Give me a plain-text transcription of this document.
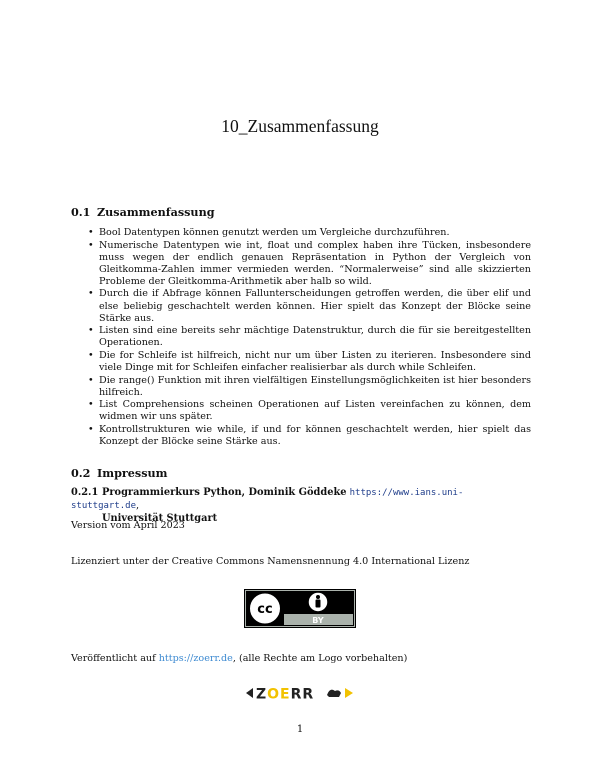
10_Zusammenfassung
0.1 Zusammenfassung
• Bool Datentypen können genutzt werden um Vergleiche durchzuführen.
• Numerische Datentypen wie int, float und complex haben ihre Tücken, insbesondere muss wegen der endlich genauen Repräsentation in Python der Vergleich von Gleitkomma-Zahlen immer vermieden werden. “Normalerweise” sind alle skizzierten Probleme der Gleitkomma-Arithmetik aber halb so wild.
• Durch die if Abfrage können Fallunterscheidungen getroffen werden, die über elif und else beliebig geschachtelt werden können. Hier spielt das Konzept der Blöcke seine Stärke aus.
• Listen sind eine bereits sehr mächtige Datenstruktur, durch die für sie bereitgestellten Operationen.
• Die for Schleife ist hilfreich, nicht nur um über Listen zu iterieren. Insbesondere sind viele Dinge mit for Schleifen einfacher realisierbar als durch while Schleifen.
• Die range() Funktion mit ihren vielfältigen Einstellungsmöglichkeiten ist hier besonders hilfreich.
• List Comprehensions scheinen Operationen auf Listen vereinfachen zu können, dem widmen wir uns später.
• Kontrollstrukturen wie while, if und for können geschachtelt werden, hier spielt das Konzept der Blöcke seine Stärke aus.
0.2 Impressum
0.2.1 Programmierkurs Python, Dominik Göddeke https://www.ians.uni-stuttgart.de,
Universität Stuttgart
Version vom April 2023
Lizenziert unter der Creative Commons Namensnennung 4.0 International Lizenz
cc
BY
Veröffentlicht auf https://zoerr.de, (alle Rechte am Logo vorbehalten)
ZOERR
1
